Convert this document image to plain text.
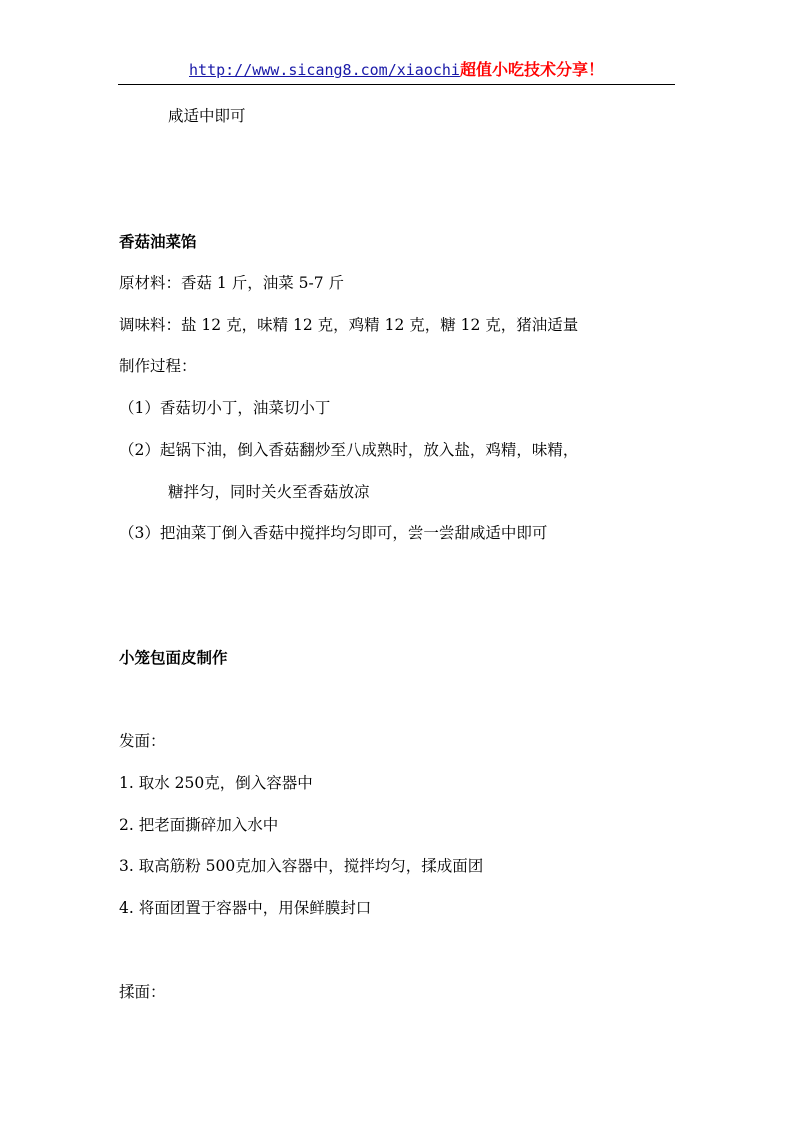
http://www.sicang8.com/xiaochi超值小吃技术分享！
咸适中即可
香菇油菜馅
原材料：香菇 1 斤，油菜 5-7 斤
调味料：盐 12 克，味精 12 克，鸡精 12 克，糖 12 克，猪油适量
制作过程：
（1）香菇切小丁，油菜切小丁
（2）起锅下油，倒入香菇翻炒至八成熟时，放入盐，鸡精，味精，
糖拌匀，同时关火至香菇放凉
（3）把油菜丁倒入香菇中搅拌均匀即可，尝一尝甜咸适中即可
小笼包面皮制作
发面：
1. 取水 250克，倒入容器中
2. 把老面撕碎加入水中
3. 取高筋粉 500克加入容器中，搅拌均匀，揉成面团
4. 将面团置于容器中，用保鲜膜封口
揉面：
